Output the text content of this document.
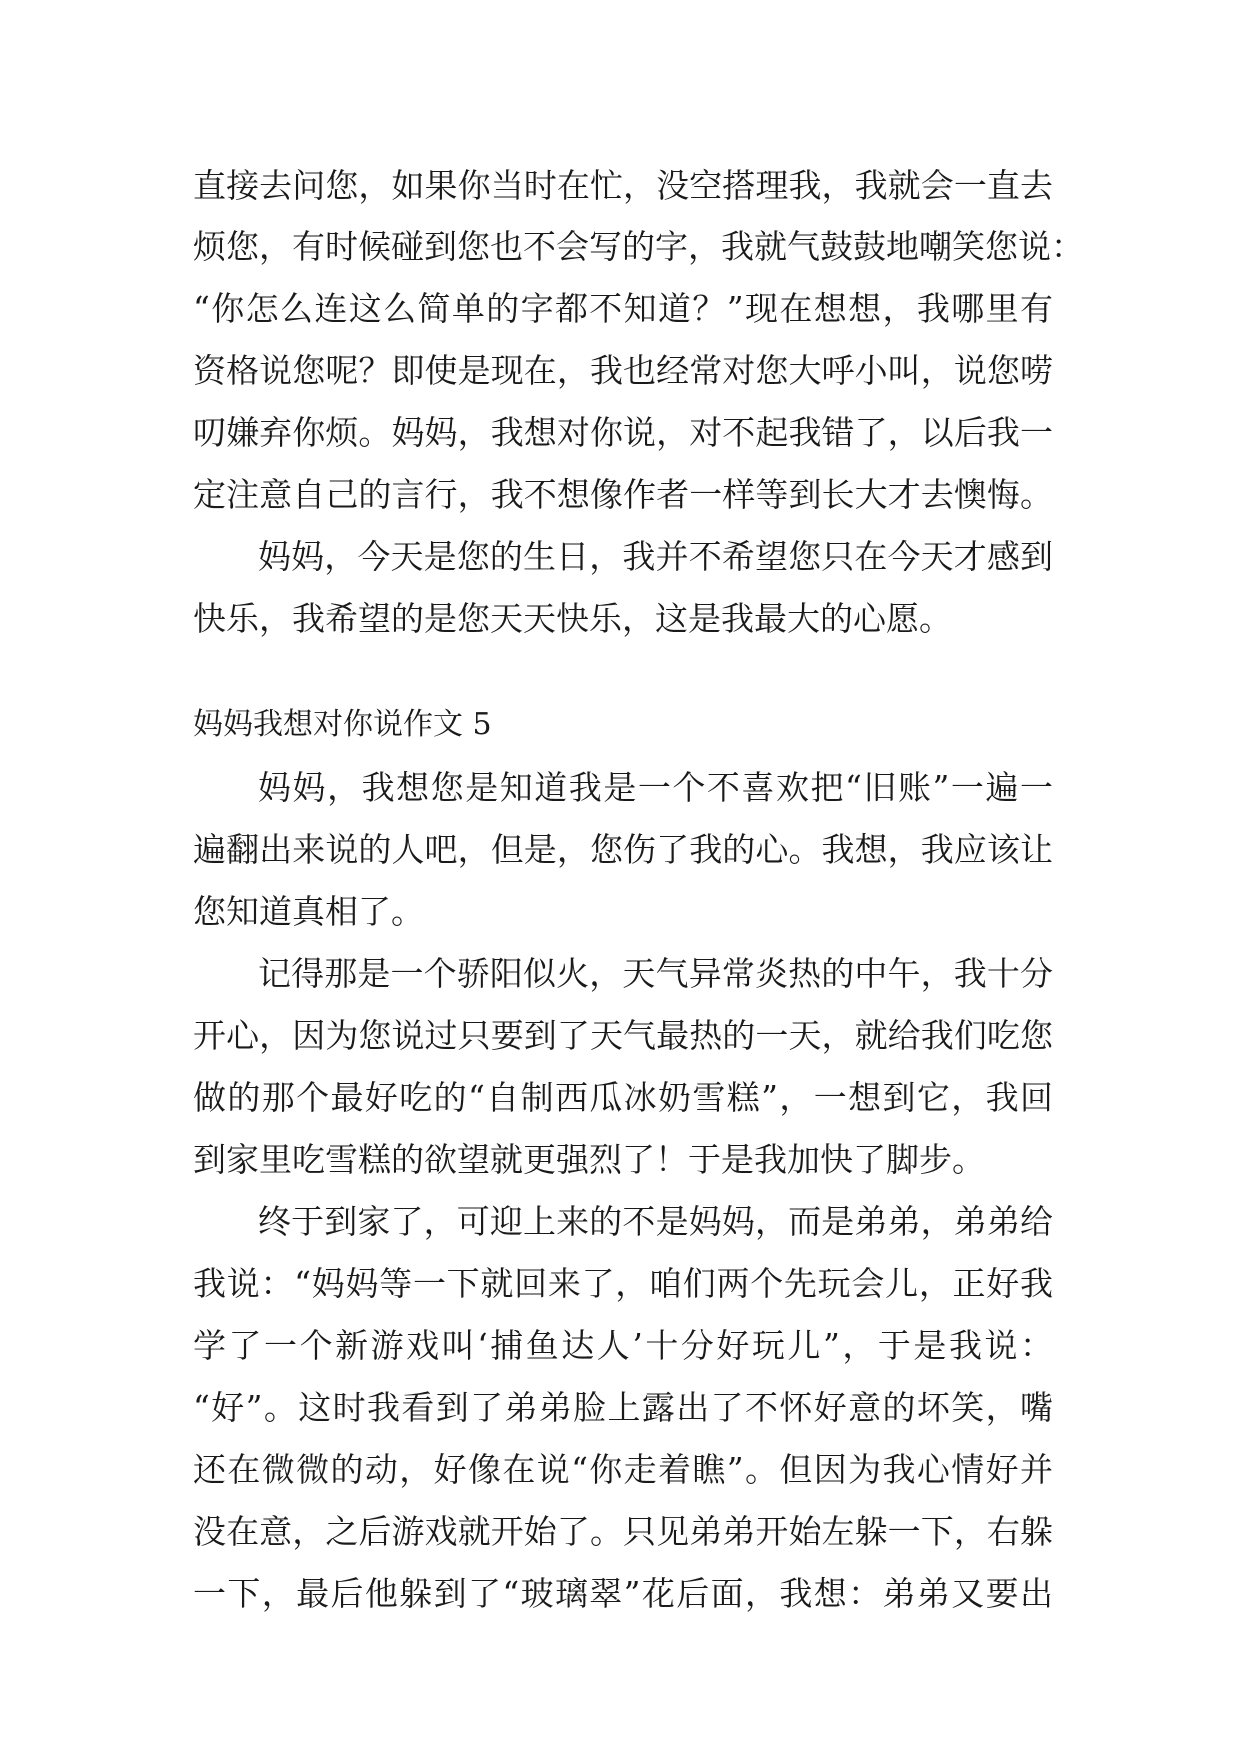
直接去问您，如果你当时在忙，没空搭理我，我就会一直去
烦您，有时候碰到您也不会写的字，我就气鼓鼓地嘲笑您说：
“你怎么连这么简单的字都不知道？”现在想想，我哪里有
资格说您呢？即使是现在，我也经常对您大呼小叫，说您唠
叨嫌弃你烦。妈妈，我想对你说，对不起我错了，以后我一
定注意自己的言行，我不想像作者一样等到长大才去懊悔。
妈妈，今天是您的生日，我并不希望您只在今天才感到
快乐，我希望的是您天天快乐，这是我最大的心愿。
妈妈我想对你说作文 5
妈妈，我想您是知道我是一个不喜欢把“旧账”一遍一
遍翻出来说的人吧，但是，您伤了我的心。我想，我应该让
您知道真相了。
记得那是一个骄阳似火，天气异常炎热的中午，我十分
开心，因为您说过只要到了天气最热的一天，就给我们吃您
做的那个最好吃的“自制西瓜冰奶雪糕”，一想到它，我回
到家里吃雪糕的欲望就更强烈了！于是我加快了脚步。
终于到家了，可迎上来的不是妈妈，而是弟弟，弟弟给
我说：“妈妈等一下就回来了，咱们两个先玩会儿，正好我
学了一个新游戏叫‘捕鱼达人’十分好玩儿”，于是我说：
“好”。这时我看到了弟弟脸上露出了不怀好意的坏笑，嘴
还在微微的动，好像在说“你走着瞧”。但因为我心情好并
没在意，之后游戏就开始了。只见弟弟开始左躲一下，右躲
一下，最后他躲到了“玻璃翠”花后面，我想：弟弟又要出
